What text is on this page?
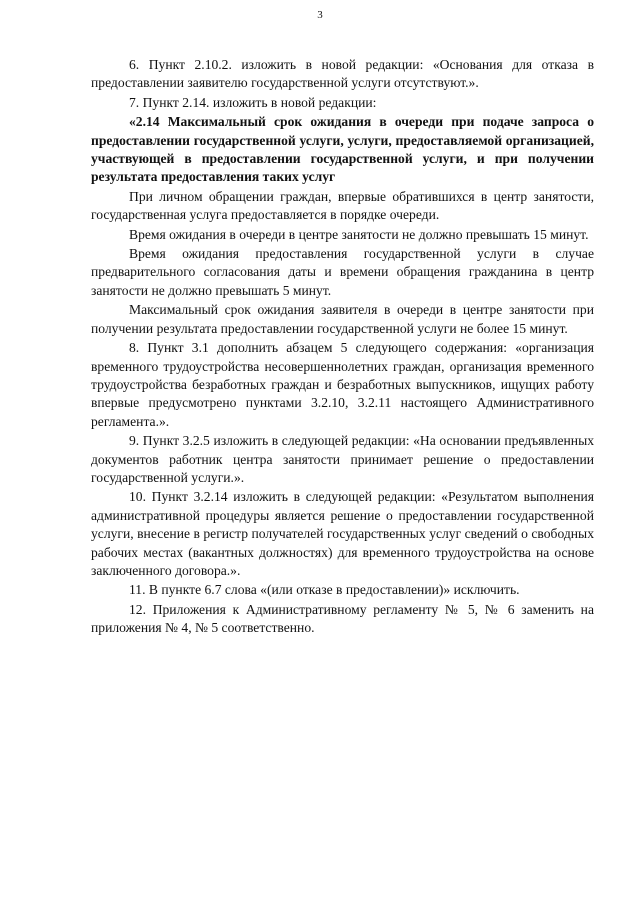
3

6. Пункт 2.10.2. изложить в новой редакции: «Основания для отказа в предоставлении заявителю государственной услуги отсутствуют.».

7. Пункт 2.14. изложить в новой редакции:

«2.14 Максимальный срок ожидания в очереди при подаче запроса о предоставлении государственной услуги, услуги, предоставляемой организацией, участвующей в предоставлении государственной услуги, и при получении результата предоставления таких услуг

При личном обращении граждан, впервые обратившихся в центр занятости, государственная услуга предоставляется в порядке очереди.

Время ожидания в очереди в центре занятости не должно превышать 15 минут.

Время ожидания предоставления государственной услуги в случае предварительного согласования даты и времени обращения гражданина в центр занятости не должно превышать 5 минут.

Максимальный срок ожидания заявителя в очереди в центре занятости при получении результата предоставлении государственной услуги не более 15 минут.

8. Пункт 3.1 дополнить абзацем 5 следующего содержания: «организация временного трудоустройства несовершеннолетних граждан, организация временного трудоустройства безработных граждан и безработных выпускников, ищущих работу впервые предусмотрено пунктами 3.2.10, 3.2.11 настоящего Административного регламента.».

9. Пункт 3.2.5 изложить в следующей редакции: «На основании предъявленных документов работник центра занятости принимает решение о предоставлении государственной услуги.».

10. Пункт 3.2.14 изложить в следующей редакции: «Результатом выполнения административной процедуры является решение о предоставлении государственной услуги, внесение в регистр получателей государственных услуг сведений о свободных рабочих местах (вакантных должностях) для временного трудоустройства на основе заключенного договора.».

11. В пункте 6.7 слова «(или отказе в предоставлении)» исключить.

12. Приложения к Административному регламенту № 5, № 6 заменить на приложения № 4, № 5 соответственно.
